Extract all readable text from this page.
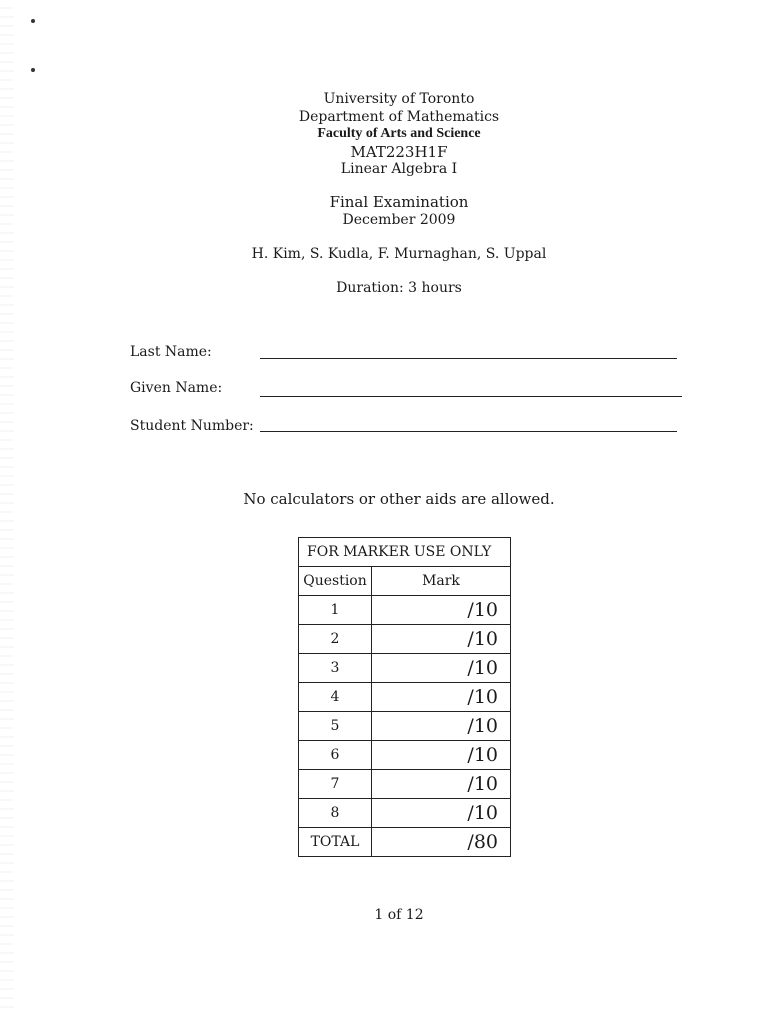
University of Toronto
Department of Mathematics
Faculty of Arts and Science
MAT223H1F
Linear Algebra I
Final Examination
December 2009
H. Kim, S. Kudla, F. Murnaghan, S. Uppal
Duration: 3 hours
Last Name:
Given Name:
Student Number:
No calculators or other aids are allowed.
FOR MARKER USE ONLY	
Question	Mark
1	/10
2	/10
3	/10
4	/10
5	/10
6	/10
7	/10
8	/10
TOTAL	/80
1 of 12
